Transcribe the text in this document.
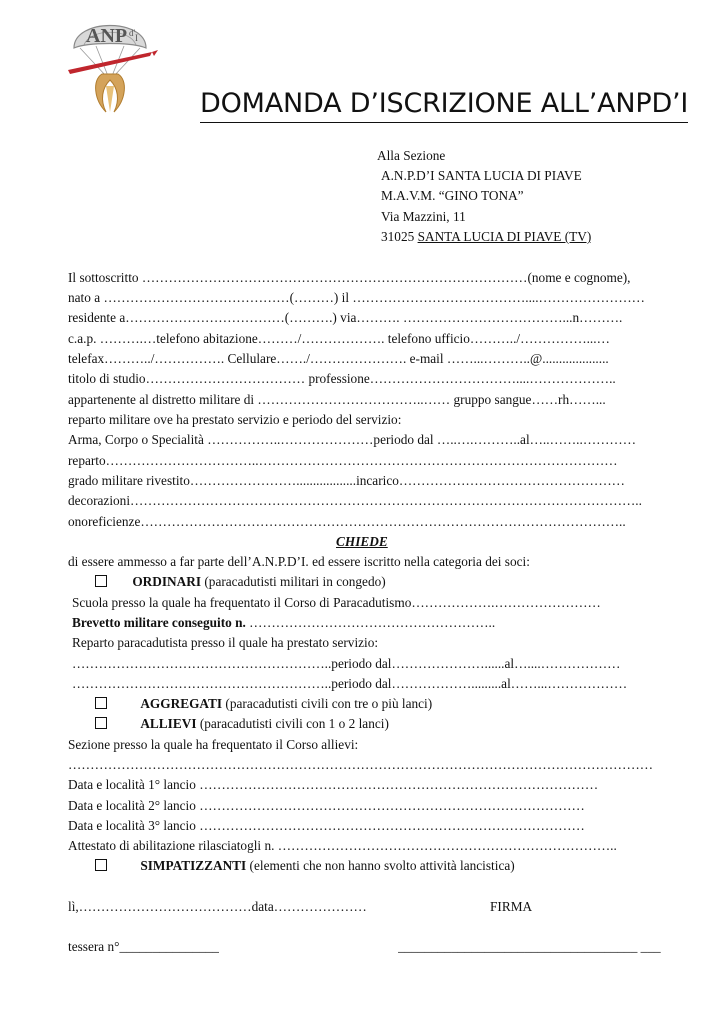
ANP d' I
DOMANDA D’ISCRIZIONE ALL’ANPD’I
Alla Sezione
A.N.P.D’I SANTA LUCIA DI PIAVE
M.A.V.M. “GINO TONA”
Via Mazzini, 11
31025 SANTA LUCIA DI PIAVE (TV)
Il sottoscritto ……………………………………………………………………………(nome e cognome),
nato a ……………………………………(………) il …………………………………....……………………
residente a………………………………(……….) via………. ………………………………...n……….
c.a.p. ……….…telefono abitazione………/………………. telefono ufficio………../……………...…
telefax………../……………. Cellulare……./…………………. e-mail ……...………..@....................
titolo di studio……………………………… professione……………………………....………………..
appartenente al distretto militare di ………………………………..…… gruppo sangue……rh……...
reparto militare ove ha prestato servizio e periodo del servizio:
Arma, Corpo o Specialità ……………..…………………periodo dal …..….………..al…..……..…………
reparto……………………………..………………………………………………………………………
grado militare rivestito……………………..................incarico……………………………………………
decorazioni……………………………………………………………………………………………………..
onoreficienze………………………………………………………………………………………………..
CHIEDE
di essere ammesso a far parte dell’A.N.P.D’I. ed essere iscritto nella categoria dei soci:
ORDINARI (paracadutisti militari in congedo)
Scuola presso la quale ha frequentato il Corso di Paracadutismo……………….……………………
Brevetto militare conseguito n. ………………………………………………..
Reparto paracadutista presso il quale ha prestato servizio:
…………………………………………………..periodo dal…………………......al…....………………
…………………………………………………..periodo dal……………….........al……...………………
AGGREGATI (paracadutisti civili con tre o più lanci)
ALLIEVI (paracadutisti civili con 1 o 2 lanci)
Sezione presso la quale ha frequentato il Corso allievi:
……………………………………………………………………………………………………………………
Data e località 1° lancio ………………………………………………………………………………
Data e località 2° lancio ……………………………………………………………………………
Data e località 3° lancio ……………………………………………………………………………
Attestato di abilitazione rilasciatogli n. …………………………………………………………………..
SIMPATIZZANTI (elementi che non hanno svolto attività lancistica)
lì,…………………………………data…………………	FIRMA
tessera n°_______________	____________________________________ ___
